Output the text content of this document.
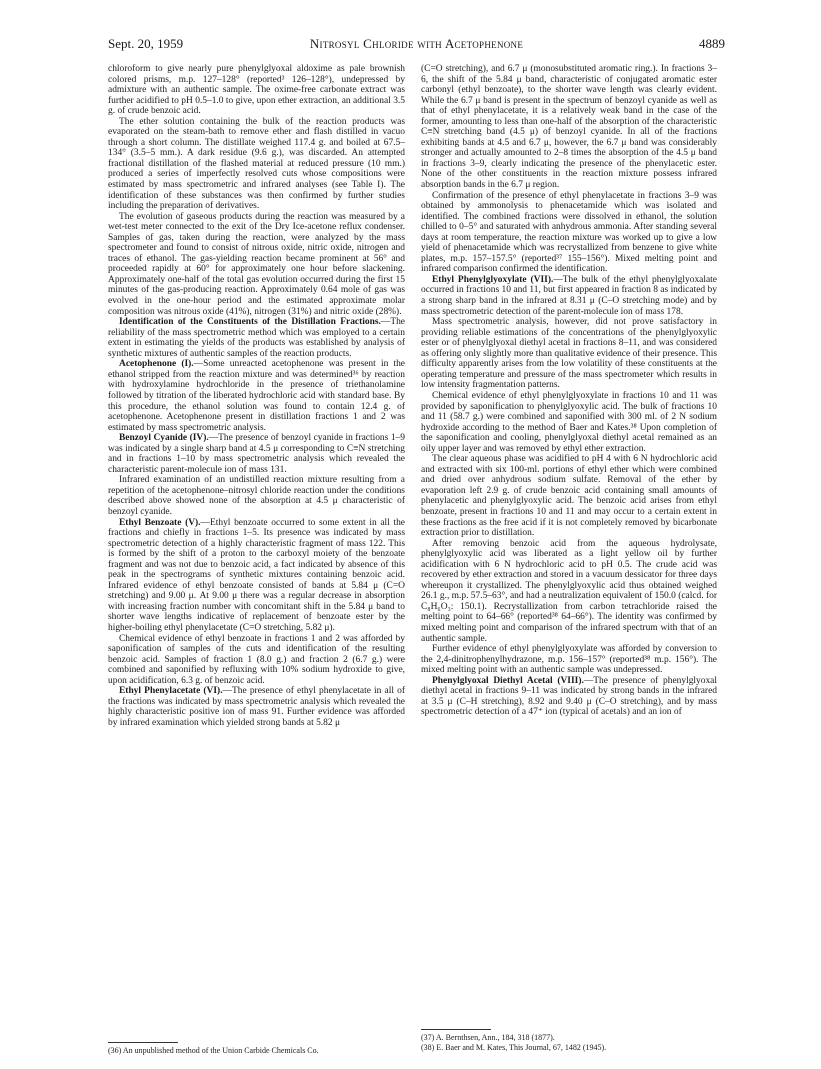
Sept. 20, 1959	Nitrosyl Chloride with Acetophenone	4889

chloroform to give nearly pure phenylglyoxal aldoxime as pale brownish colored prisms, m.p. 127–128° (reported³ 126–128°), undepressed by admixture with an authentic sample. The oxime-free carbonate extract was further acidified to pH 0.5–1.0 to give, upon ether extraction, an additional 3.5 g. of crude benzoic acid.

The ether solution containing the bulk of the reaction products was evaporated on the steam-bath to remove ether and flash distilled in vacuo through a short column. The distillate weighed 117.4 g. and boiled at 67.5–134° (3.5–5 mm.). A dark residue (9.6 g.), was discarded. An attempted fractional distillation of the flashed material at reduced pressure (10 mm.) produced a series of imperfectly resolved cuts whose compositions were estimated by mass spectrometric and infrared analyses (see Table I). The identification of these substances was then confirmed by further studies including the preparation of derivatives.

The evolution of gaseous products during the reaction was measured by a wet-test meter connected to the exit of the Dry Ice-acetone reflux condenser. Samples of gas, taken during the reaction, were analyzed by the mass spectrometer and found to consist of nitrous oxide, nitric oxide, nitrogen and traces of ethanol. The gas-yielding reaction became prominent at 56° and proceeded rapidly at 60° for approximately one hour before slackening. Approximately one-half of the total gas evolution occurred during the first 15 minutes of the gas-producing reaction. Approximately 0.64 mole of gas was evolved in the one-hour period and the estimated approximate molar composition was nitrous oxide (41%), nitrogen (31%) and nitric oxide (28%).

Identification of the Constituents of the Distillation Fractions.—The reliability of the mass spectrometric method which was employed to a certain extent in estimating the yields of the products was established by analysis of synthetic mixtures of authentic samples of the reaction products.

Acetophenone (I).—Some unreacted acetophenone was present in the ethanol stripped from the reaction mixture and was determined³⁶ by reaction with hydroxylamine hydrochloride in the presence of triethanolamine followed by titration of the liberated hydrochloric acid with standard base. By this procedure, the ethanol solution was found to contain 12.4 g. of acetophenone. Acetophenone present in distillation fractions 1 and 2 was estimated by mass spectrometric analysis.

Benzoyl Cyanide (IV).—The presence of benzoyl cyanide in fractions 1–9 was indicated by a single sharp band at 4.5 μ corresponding to C≡N stretching and in fractions 1–10 by mass spectrometric analysis which revealed the characteristic parent-molecule ion of mass 131.

Infrared examination of an undistilled reaction mixture resulting from a repetition of the acetophenone–nitrosyl chloride reaction under the conditions described above showed none of the absorption at 4.5 μ characteristic of benzoyl cyanide.

Ethyl Benzoate (V).—Ethyl benzoate occurred to some extent in all the fractions and chiefly in fractions 1–5. Its presence was indicated by mass spectrometric detection of a highly characteristic fragment of mass 122. This is formed by the shift of a proton to the carboxyl moiety of the benzoate fragment and was not due to benzoic acid, a fact indicated by absence of this peak in the spectrograms of synthetic mixtures containing benzoic acid. Infrared evidence of ethyl benzoate consisted of bands at 5.84 μ (C=O stretching) and 9.00 μ. At 9.00 μ there was a regular decrease in absorption with increasing fraction number with concomitant shift in the 5.84 μ band to shorter wave lengths indicative of replacement of benzoate ester by the higher-boiling ethyl phenylacetate (C=O stretching, 5.82 μ).

Chemical evidence of ethyl benzoate in fractions 1 and 2 was afforded by saponification of samples of the cuts and identification of the resulting benzoic acid. Samples of fraction 1 (8.0 g.) and fraction 2 (6.7 g.) were combined and saponified by refluxing with 10% sodium hydroxide to give, upon acidification, 6.3 g. of benzoic acid.

Ethyl Phenylacetate (VI).—The presence of ethyl phenylacetate in all of the fractions was indicated by mass spectrometric analysis which revealed the highly characteristic positive ion of mass 91. Further evidence was afforded by infrared examination which yielded strong bands at 5.82 μ

(C=O stretching), and 6.7 μ (monosubstituted aromatic ring.). In fractions 3–6, the shift of the 5.84 μ band, characteristic of conjugated aromatic ester carbonyl (ethyl benzoate), to the shorter wave length was clearly evident. While the 6.7 μ band is present in the spectrum of benzoyl cyanide as well as that of ethyl phenylacetate, it is a relatively weak band in the case of the former, amounting to less than one-half of the absorption of the characteristic C≡N stretching band (4.5 μ) of benzoyl cyanide. In all of the fractions exhibiting bands at 4.5 and 6.7 μ, however, the 6.7 μ band was considerably stronger and actually amounted to 2–8 times the absorption of the 4.5 μ band in fractions 3–9, clearly indicating the presence of the phenylacetic ester. None of the other constituents in the reaction mixture possess infrared absorption bands in the 6.7 μ region.

Confirmation of the presence of ethyl phenylacetate in fractions 3–9 was obtained by ammonolysis to phenacetamide which was isolated and identified. The combined fractions were dissolved in ethanol, the solution chilled to 0–5° and saturated with anhydrous ammonia. After standing several days at room temperature, the reaction mixture was worked up to give a low yield of phenacetamide which was recrystallized from benzene to give white plates, m.p. 157–157.5° (reported³⁷ 155–156°). Mixed melting point and infrared comparison confirmed the identification.

Ethyl Phenylglyoxylate (VII).—The bulk of the ethyl phenylglyoxalate occurred in fractions 10 and 11, but first appeared in fraction 8 as indicated by a strong sharp band in the infrared at 8.31 μ (C–O stretching mode) and by mass spectrometric detection of the parent-molecule ion of mass 178.

Mass spectrometric analysis, however, did not prove satisfactory in providing reliable estimations of the concentrations of the phenylglyoxylic ester or of phenylglyoxal diethyl acetal in fractions 8–11, and was considered as offering only slightly more than qualitative evidence of their presence. This difficulty apparently arises from the low volatility of these constituents at the operating temperature and pressure of the mass spectrometer which results in low intensity fragmentation patterns.

Chemical evidence of ethyl phenylglyoxylate in fractions 10 and 11 was provided by saponification to phenylglyoxylic acid. The bulk of fractions 10 and 11 (58.7 g.) were combined and saponified with 300 ml. of 2 N sodium hydroxide according to the method of Baer and Kates.³⁸ Upon completion of the saponification and cooling, phenylglyoxal diethyl acetal remained as an oily upper layer and was removed by ethyl ether extraction.

The clear aqueous phase was acidified to pH 4 with 6 N hydrochloric acid and extracted with six 100-ml. portions of ethyl ether which were combined and dried over anhydrous sodium sulfate. Removal of the ether by evaporation left 2.9 g. of crude benzoic acid containing small amounts of phenylacetic and phenylglyoxylic acid. The benzoic acid arises from ethyl benzoate, present in fractions 10 and 11 and may occur to a certain extent in these fractions as the free acid if it is not completely removed by bicarbonate extraction prior to distillation.

After removing benzoic acid from the aqueous hydrolysate, phenylglyoxylic acid was liberated as a light yellow oil by further acidification with 6 N hydrochloric acid to pH 0.5. The crude acid was recovered by ether extraction and stored in a vacuum dessicator for three days whereupon it crystallized. The phenylglyoxylic acid thus obtained weighed 26.1 g., m.p. 57.5–63°, and had a neutralization equivalent of 150.0 (calcd. for C₈H₆O₃: 150.1). Recrystallization from carbon tetrachloride raised the melting point to 64–66° (reported³⁸ 64–66°). The identity was confirmed by mixed melting point and comparison of the infrared spectrum with that of an authentic sample.

Further evidence of ethyl phenylglyoxylate was afforded by conversion to the 2,4-dinitrophenylhydrazone, m.p. 156–157° (reported³⁸ m.p. 156°). The mixed melting point with an authentic sample was undepressed.

Phenylglyoxal Diethyl Acetal (VIII).—The presence of phenylglyoxal diethyl acetal in fractions 9–11 was indicated by strong bands in the infrared at 3.5 μ (C–H stretching), 8.92 and 9.40 μ (C–O stretching), and by mass spectrometric detection of a 47⁺ ion (typical of acetals) and an ion of

(36) An unpublished method of the Union Carbide Chemicals Co.

(37) A. Bernthsen, Ann., 184, 318 (1877).

(38) E. Baer and M. Kates, This Journal, 67, 1482 (1945).
